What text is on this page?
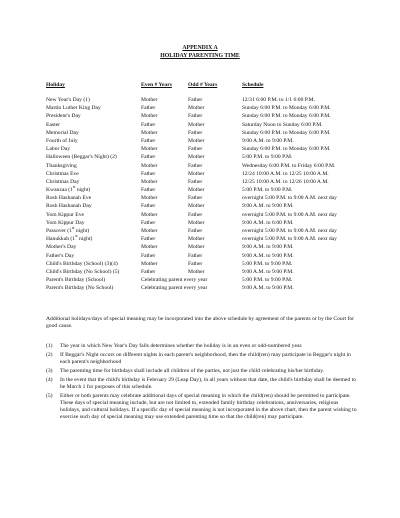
APPENDIX A
HOLIDAY PARENTING TIME
Holiday	Even # Years	Odd # Years	Schedule
New Year's Day (1)	Mother	Father	12/31 6:00 P.M. to 1/1 6:00 P.M.
Martin Luther King Day	Father	Mother	Sunday 6:00 P.M. to Monday 6:00 P.M.
President's Day	Mother	Father	Sunday 6:00 P.M. to Monday 6:00 P.M.
Easter	Father	Mother	Saturday Noon to Sunday 6:00 P.M.
Memorial Day	Mother	Father	Sunday 6:00 P.M. to Monday 6:00 P.M.
Fourth of July	Father	Mother	9:00 A.M. to 9:00 P.M.
Labor Day	Mother	Father	Sunday 6:00 P.M. to Monday 6:00 P.M.
Halloween (Beggar's Night) (2)	Father	Mother	5:00 P.M. to 9:00 P.M.
Thanksgiving	Mother	Father	Wednesday 6:00 P.M. to Friday 6:00 P.M.
Christmas Eve	Father	Mother	12/24 10:00 A.M. to 12/25 10:00 A.M.
Christmas Day	Mother	Father	12/25 10:00 A.M. to 12/26 10:00 A.M.
Kwanzaa (1st night)	Father	Mother	5:00 P.M. to 9:00 P.M.
Rosh Hashanah Eve	Mother	Father	overnight 5:00 P.M. to 9:00 A.M. next day
Rosh Hashanah Day	Father	Mother	9:00 A.M. to 9:00 P.M.
Yom Kippur Eve	Mother	Father	overnight 5:00 P.M. to 9:00 A.M. next day
Yom Kippur Day	Father	Mother	9:00 A.M. to 6:00 P.M.
Passover (1st night)	Mother	Father	overnight 5:00 P.M. to 9:00 A.M. next day
Hanukkah (1st night)	Father	Mother	overnight 5:00 P.M. to 9:00 A.M. next day
Mother's Day	Mother	Mother	9:00 A.M. to 9:00 P.M.
Father's Day	Father	Father	9:00 A.M. to 9:00 P.M.
Child's Birthday (School) (3)(4)	Mother	Father	5:00 P.M. to 9:00 P.M.
Child's Birthday (No School) (5)	Father	Mother	9:00 A.M. to 9:00 P.M.
Parent's Birthday (School)	Celebrating parent every year	5:00 P.M. to 9:00 P.M.
Parent's Birthday (No School)	Celebrating parent every year	9:00 A.M. to 9:00 P.M.
Additional holidays/days of special meaning may be incorporated into the above schedule by agreement of the parents or by the Court for good cause.
(1) The year in which New Year's Day falls determines whether the holiday is in an even or odd-numbered year.
(2) If Beggar's Night occurs on different nights in each parent's neighborhood, then the child(ren) may participate in Beggar's night in each parent's neighborhood
(3) The parenting time for birthdays shall include all children of the parties, not just the child celebrating his/her birthday.
(4) In the event that the child's birthday is February 29 (Leap Day), in all years without that date, the child's birthday shall be deemed to be March 1 for purposes of this schedule.
(5) Either or both parents may celebrate additional days of special meaning in which the child(ren) should be permitted to participate. These days of special meaning include, but are not limited to, extended family birthday celebrations, anniversaries, religious holidays, and cultural holidays. If a specific day of special meaning is not incorporated in the above chart, then the parent wishing to exercise such day of special meaning may use extended parenting time so that the child(ren) may participate.
